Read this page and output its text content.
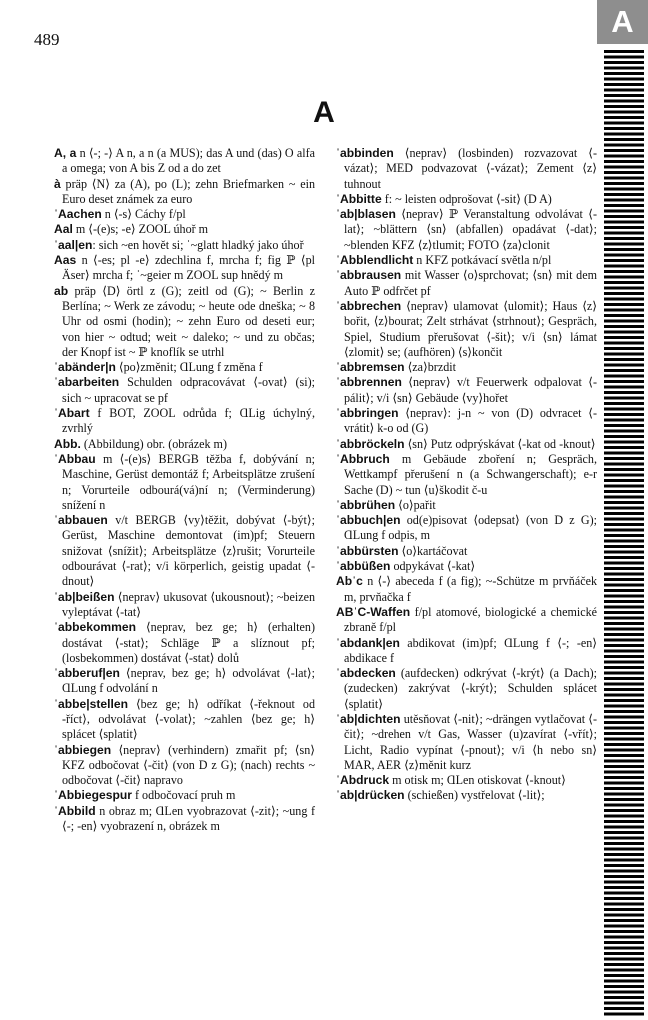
489
A
A

A, a n ⟨-; -⟩ A n, a n (a MUS); das A und (das) O alfa a omega; von A bis Z od a do zet

à präp ⟨N⟩ za (A), po (L); zehn Briefmarken ~ ein Euro deset známek za euro

ˈAachen n ⟨-s⟩ Cáchy f/pl

Aal m ⟨-(e)s; -e⟩ ZOOL úhoř m

ˈaal|en: sich ~en hovět si; ˈ~glatt hladký jako úhoř

Aas n ⟨-es; pl -e⟩ zdechlina f, mrcha f; fig ℙ ⟨pl Äser⟩ mrcha f; ˈ~geier m ZOOL sup hnědý m

ab präp ⟨D⟩ örtl z (G); zeitl od (G); ~ Berlin z Berlína; ~ Werk ze závodu; ~ heute ode dneška; ~ 8 Uhr od osmi (hodin); ~ zehn Euro od deseti eur; von hier ~ odtud; weit ~ daleko; ~ und zu občas; der Knopf ist ~ ℙ knoflík se utrhl

ˈabänder|n ⟨po⟩změnit; ⱭLung f změna f

ˈabarbeiten Schulden odpracovávat ⟨-ovat⟩ (si); sich ~ upracovat se pf

ˈAbart f BOT, ZOOL odrůda f; ⱭLig úchylný, zvrhlý

Abb. (Abbildung) obr. (obrázek m)

ˈAbbau m ⟨-(e)s⟩ BERGB těžba f, dobývání n; Maschine, Gerüst demontáž f; Arbeitsplätze zrušení n; Vorurteile odbourá(vá)ní n; (Verminderung) snížení n

ˈabbauen v/t BERGB ⟨vy⟩těžit, dobývat ⟨-být⟩; Gerüst, Maschine demontovat (im)pf; Steuern snižovat ⟨snížit⟩; Arbeitsplätze ⟨z⟩rušit; Vorurteile odbourávat ⟨-rat⟩; v/i körperlich, geistig upadat ⟨-dnout⟩

ˈab|beißen ⟨neprav⟩ ukusovat ⟨ukousnout⟩; ~beizen vyleptávat ⟨-tat⟩

ˈabbekommen ⟨neprav, bez ge; h⟩ (erhalten) dostávat ⟨-stat⟩; Schläge ℙ a slíznout pf; (losbekommen) dostávat ⟨-stat⟩ dolů

ˈabberuf|en ⟨neprav, bez ge; h⟩ odvolávat ⟨-lat⟩; ⱭLung f odvolání n

ˈabbe|stellen ⟨bez ge; h⟩ odříkat ⟨-řeknout od -říct⟩, odvolávat ⟨-volat⟩; ~zahlen ⟨bez ge; h⟩ splácet ⟨splatit⟩

ˈabbiegen ⟨neprav⟩ (verhindern) zmařit pf; ⟨sn⟩ KFZ odbočovat ⟨-čit⟩ (von D z G); (nach) rechts ~ odbočovat ⟨-čit⟩ napravo

ˈAbbiegespur f odbočovací pruh m

ˈAbbild n obraz m; ⱭLen vyobrazovat ⟨-zit⟩; ~ung f ⟨-; -en⟩ vyobrazení n, obrázek m

ˈabbinden ⟨neprav⟩ (losbinden) rozvazovat ⟨-vázat⟩; MED podvazovat ⟨-vázat⟩; Zement ⟨z⟩tuhnout

ˈAbbitte f: ~ leisten odprošovat ⟨-sit⟩ (D A)

ˈab|blasen ⟨neprav⟩ ℙ Veranstaltung odvolávat ⟨-lat⟩; ~blättern ⟨sn⟩ (abfallen) opadávat ⟨-dat⟩; ~blenden KFZ ⟨z⟩tlumit; FOTO ⟨za⟩clonit

ˈAbblendlicht n KFZ potkávací světla n/pl

ˈabbrausen mit Wasser ⟨o⟩sprchovat; ⟨sn⟩ mit dem Auto ℙ odfrčet pf

ˈabbrechen ⟨neprav⟩ ulamovat ⟨ulomit⟩; Haus ⟨z⟩bořit, ⟨z⟩bourat; Zelt strhávat ⟨strhnout⟩; Gespräch, Spiel, Studium přerušovat ⟨-šit⟩; v/i ⟨sn⟩ lámat ⟨zlomit⟩ se; (aufhören) ⟨s⟩končit

ˈabbremsen ⟨za⟩brzdit

ˈabbrennen ⟨neprav⟩ v/t Feuerwerk odpalovat ⟨-pálit⟩; v/i ⟨sn⟩ Gebäude ⟨vy⟩hořet

ˈabbringen ⟨neprav⟩: j-n ~ von (D) odvracet ⟨-vrátit⟩ k-o od (G)

ˈabbröckeln ⟨sn⟩ Putz odprýskávat ⟨-kat od -knout⟩

ˈAbbruch m Gebäude zboření n; Gespräch, Wettkampf přerušení n (a Schwangerschaft); e-r Sache (D) ~ tun ⟨u⟩škodit č-u

ˈabbrühen ⟨o⟩pařit

ˈabbuch|en od(e)pisovat ⟨odepsat⟩ (von D z G); ⱭLung f odpis, m

ˈabbürsten ⟨o⟩kartáčovat

ˈabbüßen odpykávat ⟨-kat⟩

Abˈc n ⟨-⟩ abeceda f (a fig); ~-Schütze m prvňáček m, prvňačka f

ABˈC-Waffen f/pl atomové, biologické a chemické zbraně f/pl

ˈabdank|en abdikovat (im)pf; ⱭLung f ⟨-; -en⟩ abdikace f

ˈabdecken (aufdecken) odkrývat ⟨-krýt⟩ (a Dach); (zudecken) zakrývat ⟨-krýt⟩; Schulden splácet ⟨splatit⟩

ˈab|dichten utěsňovat ⟨-nit⟩; ~drängen vytlačovat ⟨-čit⟩; ~drehen v/t Gas, Wasser (u)zavírat ⟨-vřít⟩; Licht, Radio vypínat ⟨-pnout⟩; v/i ⟨h nebo sn⟩ MAR, AER ⟨z⟩měnit kurz

ˈAbdruck m otisk m; ⱭLen otiskovat ⟨-knout⟩

ˈab|drücken (schießen) vystřelovat ⟨-lit⟩;
